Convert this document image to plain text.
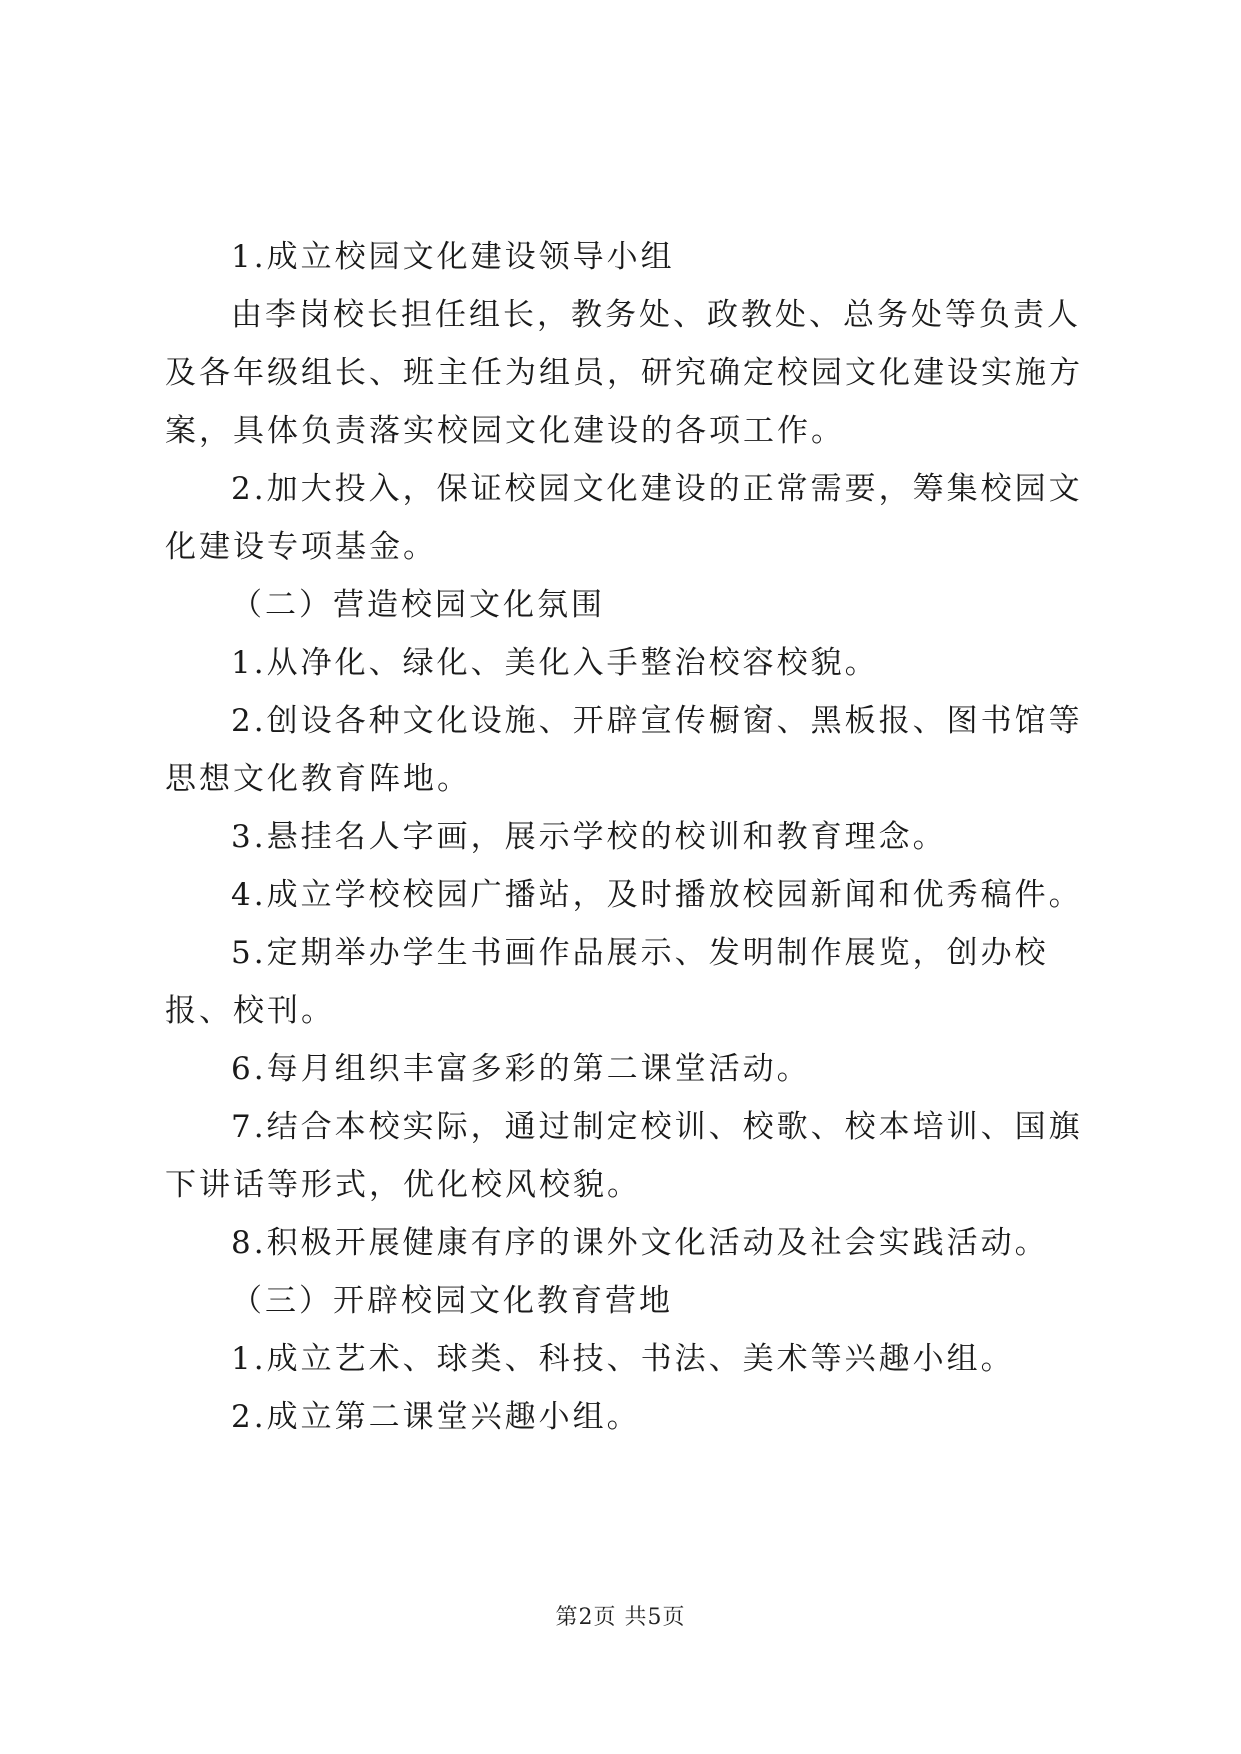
1.成立校园文化建设领导小组

由李岗校长担任组长，教务处、政教处、总务处等负责人及各年级组长、班主任为组员，研究确定校园文化建设实施方案，具体负责落实校园文化建设的各项工作。

2.加大投入，保证校园文化建设的正常需要，筹集校园文化建设专项基金。

（二）营造校园文化氛围

1.从净化、绿化、美化入手整治校容校貌。

2.创设各种文化设施、开辟宣传橱窗、黑板报、图书馆等思想文化教育阵地。

3.悬挂名人字画，展示学校的校训和教育理念。

4.成立学校校园广播站，及时播放校园新闻和优秀稿件。

5.定期举办学生书画作品展示、发明制作展览，创办校报、校刊。

6.每月组织丰富多彩的第二课堂活动。

7.结合本校实际，通过制定校训、校歌、校本培训、国旗下讲话等形式，优化校风校貌。

8.积极开展健康有序的课外文化活动及社会实践活动。

（三）开辟校园文化教育营地

1.成立艺术、球类、科技、书法、美术等兴趣小组。

2.成立第二课堂兴趣小组。

第2页 共5页
